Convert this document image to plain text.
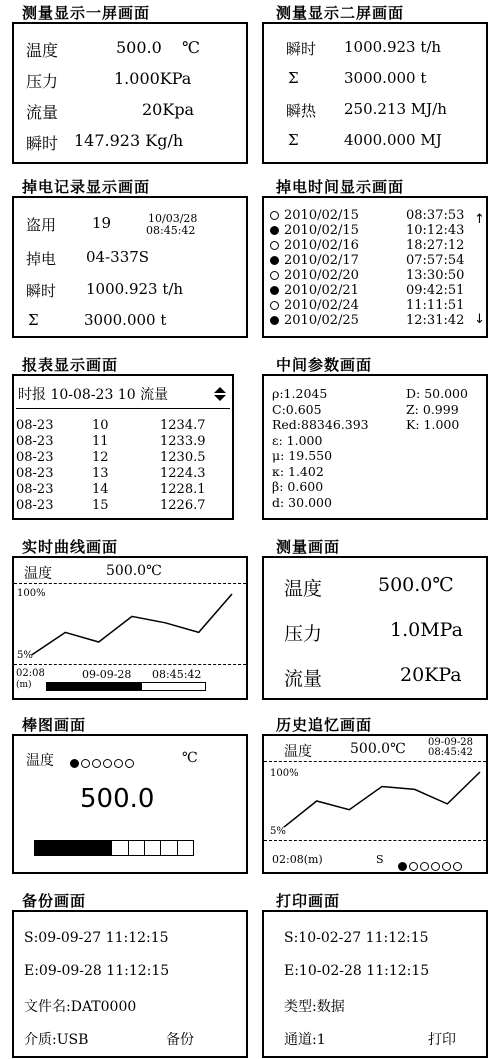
测量显示一屏画面
温度	500.0 ℃
压力	1.000KPa
流量	20Kpa
瞬时 147.923 Kg/h
测量显示二屏画面
瞬时 1000.923 t/h
Σ	3000.000 t
瞬热 250.213 MJ/h
Σ	4000.000 MJ
掉电记录显示画面
盗用 19	10/03/28
08:45:42
掉电 04-337S
瞬时 1000.923 t/h
Σ	3000.000 t
掉电时间显示画面
2010/02/15	08:37:53
2010/02/15	10:12:43
2010/02/16	18:27:12
2010/02/17	07:57:54
2010/02/20	13:30:50
2010/02/21	09:42:51
2010/02/24	11:11:51
2010/02/25	12:31:42
↑
↓
报表显示画面
时报 10-08-23 10 流量
08-23	10	1234.7
08-23	11	1233.9
08-23	12	1230.5
08-23	13	1224.3
08-23	14	1228.1
08-23	15	1226.7
中间参数画面
ρ:1.2045	D: 50.000
C:0.605	Z: 0.999
Red:88346.393	K: 1.000
ε: 1.000
μ: 19.550
κ: 1.402
β: 0.600
d: 30.000
实时曲线画面
温度	500.0℃
100%
5%
02:08
(m)
09-09-28 08:45:42
测量画面
温度	500.0℃
压力	1.0MPa
流量	20KPa
棒图画面
温度	℃
500.0
历史追忆画面
温度	500.0℃ 09-09-28
08:45:42
100%
5%
02:08(m)	S
备份画面
S:09-09-27 11:12:15
E:09-09-28 11:12:15
文件名:DAT0000
介质:USB	备份
打印画面
S:10-02-27 11:12:15
E:10-02-28 11:12:15
类型:数据
通道:1	打印
